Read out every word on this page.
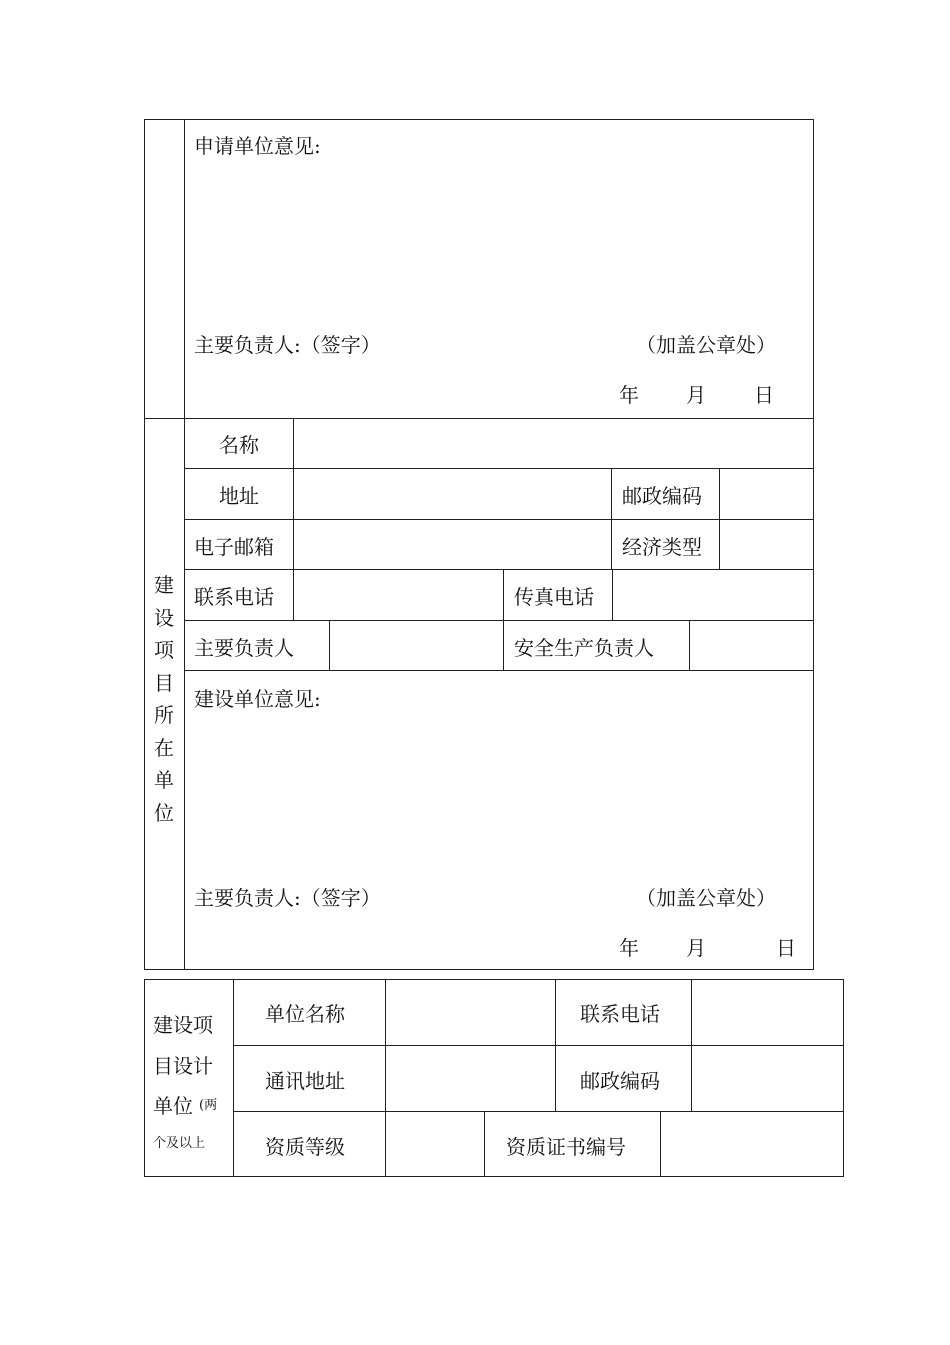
申请单位意见:
主要负责人:（签字）	（加盖公章处）
年 月 日
建
设
项
目
所
在
单
位
名称
地址	邮政编码
电子邮箱	经济类型
联系电话	传真电话
主要负责人	安全生产负责人
建设单位意见:
主要负责人:（签字）	（加盖公章处）
年 月	日
建设项
目设计
单位 (两
个及以上
单位名称	联系电话
通讯地址	邮政编码
资质等级	资质证书编号
